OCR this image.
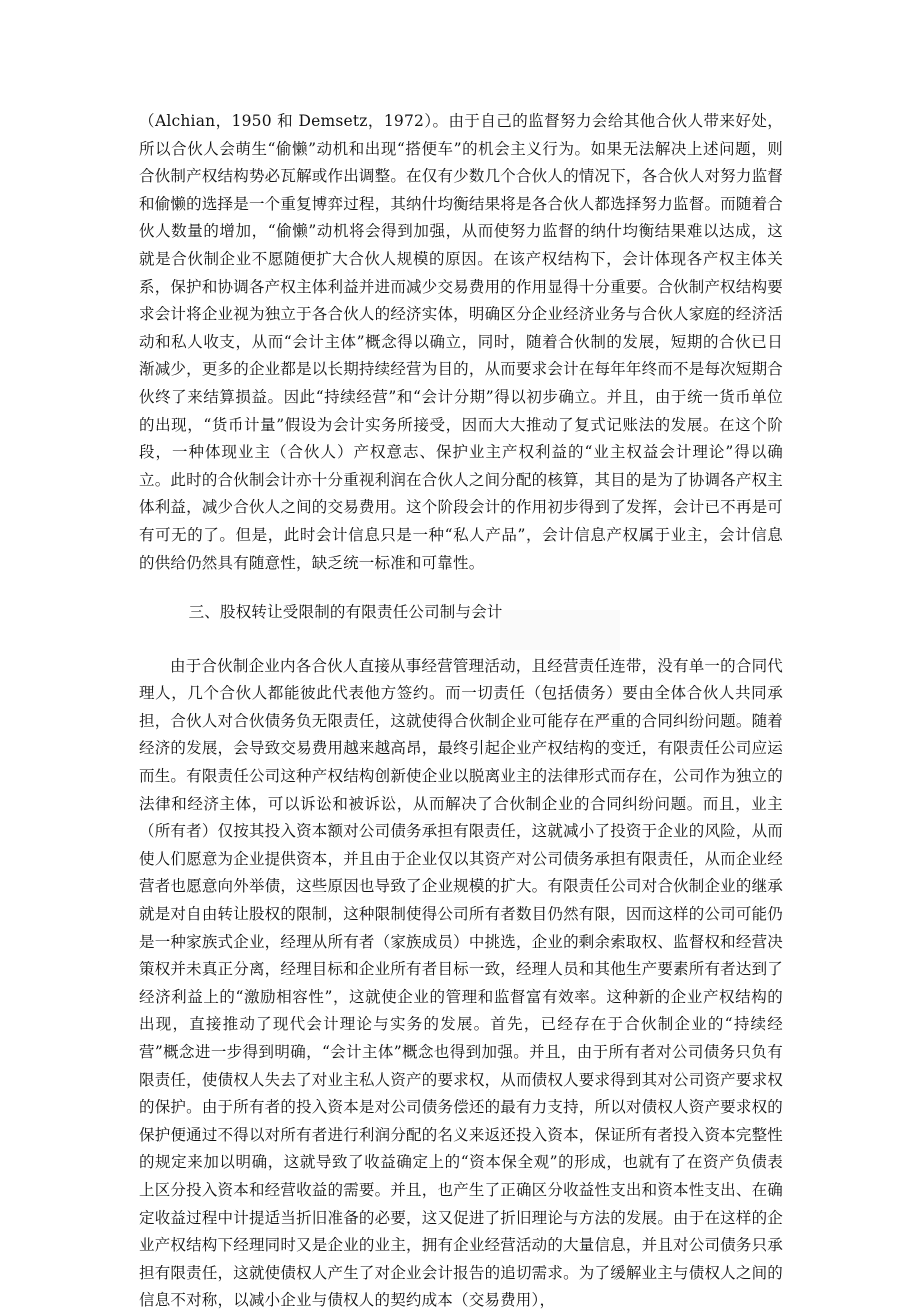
（Alchian，1950 和 Demsetz，1972）。由于自己的监督努力会给其他合伙人带来好处，所以合伙人会萌生“偷懒”动机和出现“搭便车”的机会主义行为。如果无法解决上述问题，则合伙制产权结构势必瓦解或作出调整。在仅有少数几个合伙人的情况下，各合伙人对努力监督和偷懒的选择是一个重复博弈过程，其纳什均衡结果将是各合伙人都选择努力监督。而随着合伙人数量的增加，“偷懒”动机将会得到加强，从而使努力监督的纳什均衡结果难以达成，这就是合伙制企业不愿随便扩大合伙人规模的原因。在该产权结构下，会计体现各产权主体关系，保护和协调各产权主体利益并进而减少交易费用的作用显得十分重要。合伙制产权结构要求会计将企业视为独立于各合伙人的经济实体，明确区分企业经济业务与合伙人家庭的经济活动和私人收支，从而“会计主体”概念得以确立，同时，随着合伙制的发展，短期的合伙已日渐减少，更多的企业都是以长期持续经营为目的，从而要求会计在每年年终而不是每次短期合伙终了来结算损益。因此“持续经营”和“会计分期”得以初步确立。并且，由于统一货币单位的出现，“货币计量”假设为会计实务所接受，因而大大推动了复式记账法的发展。在这个阶段，一种体现业主（合伙人）产权意志、保护业主产权利益的“业主权益会计理论”得以确立。此时的合伙制会计亦十分重视利润在合伙人之间分配的核算，其目的是为了协调各产权主体利益，减少合伙人之间的交易费用。这个阶段会计的作用初步得到了发挥，会计已不再是可有可无的了。但是，此时会计信息只是一种“私人产品”，会计信息产权属于业主，会计信息的供给仍然具有随意性，缺乏统一标准和可靠性。

三、股权转让受限制的有限责任公司制与会计

由于合伙制企业内各合伙人直接从事经营管理活动，且经营责任连带，没有单一的合同代理人，几个合伙人都能彼此代表他方签约。而一切责任（包括债务）要由全体合伙人共同承担，合伙人对合伙债务负无限责任，这就使得合伙制企业可能存在严重的合同纠纷问题。随着经济的发展，会导致交易费用越来越高昂，最终引起企业产权结构的变迁，有限责任公司应运而生。有限责任公司这种产权结构创新使企业以脱离业主的法律形式而存在，公司作为独立的法律和经济主体，可以诉讼和被诉讼，从而解决了合伙制企业的合同纠纷问题。而且，业主（所有者）仅按其投入资本额对公司债务承担有限责任，这就减小了投资于企业的风险，从而使人们愿意为企业提供资本，并且由于企业仅以其资产对公司债务承担有限责任，从而企业经营者也愿意向外举债，这些原因也导致了企业规模的扩大。有限责任公司对合伙制企业的继承就是对自由转让股权的限制，这种限制使得公司所有者数目仍然有限，因而这样的公司可能仍是一种家族式企业，经理从所有者（家族成员）中挑选，企业的剩余索取权、监督权和经营决策权并未真正分离，经理目标和企业所有者目标一致，经理人员和其他生产要素所有者达到了经济利益上的“激励相容性”，这就使企业的管理和监督富有效率。这种新的企业产权结构的出现，直接推动了现代会计理论与实务的发展。首先，已经存在于合伙制企业的“持续经营”概念进一步得到明确，“会计主体”概念也得到加强。并且，由于所有者对公司债务只负有限责任，使债权人失去了对业主私人资产的要求权，从而债权人要求得到其对公司资产要求权的保护。由于所有者的投入资本是对公司债务偿还的最有力支持，所以对债权人资产要求权的保护便通过不得以对所有者进行利润分配的名义来返还投入资本，保证所有者投入资本完整性的规定来加以明确，这就导致了收益确定上的“资本保全观”的形成，也就有了在资产负债表上区分投入资本和经营收益的需要。并且，也产生了正确区分收益性支出和资本性支出、在确定收益过程中计提适当折旧准备的必要，这又促进了折旧理论与方法的发展。由于在这样的企业产权结构下经理同时又是企业的业主，拥有企业经营活动的大量信息，并且对公司债务只承担有限责任，这就使债权人产生了对企业会计报告的追切需求。为了缓解业主与债权人之间的信息不对称，以减小企业与债权人的契约成本（交易费用），
